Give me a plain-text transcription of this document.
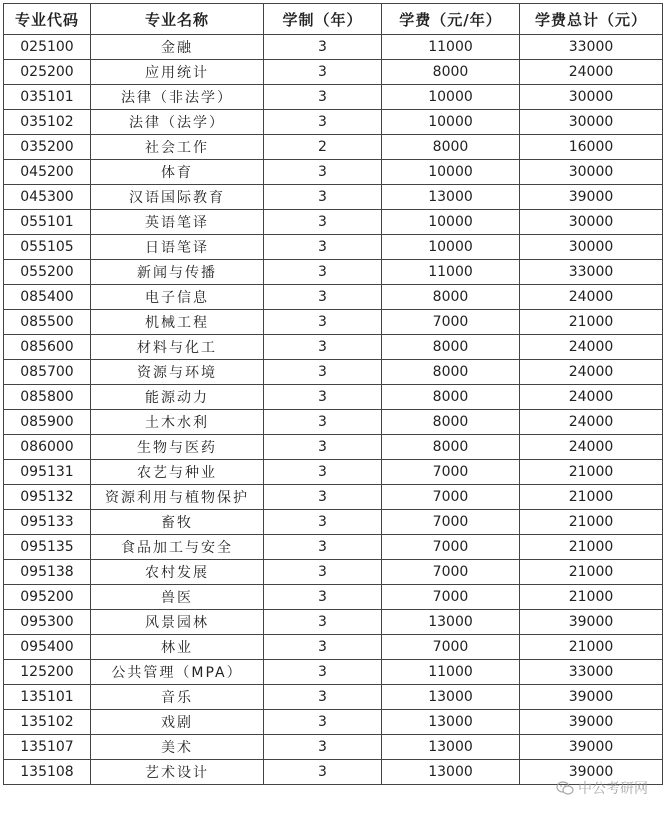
专业代码	专业名称	学制（年）	学费（元/年）	学费总计（元）
025100	金融	3	11000	33000
025200	应用统计	3	8000	24000
035101	法律（非法学）	3	10000	30000
035102	法律（法学）	3	10000	30000
035200	社会工作	2	8000	16000
045200	体育	3	10000	30000
045300	汉语国际教育	3	13000	39000
055101	英语笔译	3	10000	30000
055105	日语笔译	3	10000	30000
055200	新闻与传播	3	11000	33000
085400	电子信息	3	8000	24000
085500	机械工程	3	7000	21000
085600	材料与化工	3	8000	24000
085700	资源与环境	3	8000	24000
085800	能源动力	3	8000	24000
085900	土木水利	3	8000	24000
086000	生物与医药	3	8000	24000
095131	农艺与种业	3	7000	21000
095132	资源利用与植物保护	3	7000	21000
095133	畜牧	3	7000	21000
095135	食品加工与安全	3	7000	21000
095138	农村发展	3	7000	21000
095200	兽医	3	7000	21000
095300	风景园林	3	13000	39000
095400	林业	3	7000	21000
125200	公共管理（MPA）	3	11000	33000
135101	音乐	3	13000	39000
135102	戏剧	3	13000	39000
135107	美术	3	13000	39000
135108	艺术设计	3	13000	39000
中公考研网
